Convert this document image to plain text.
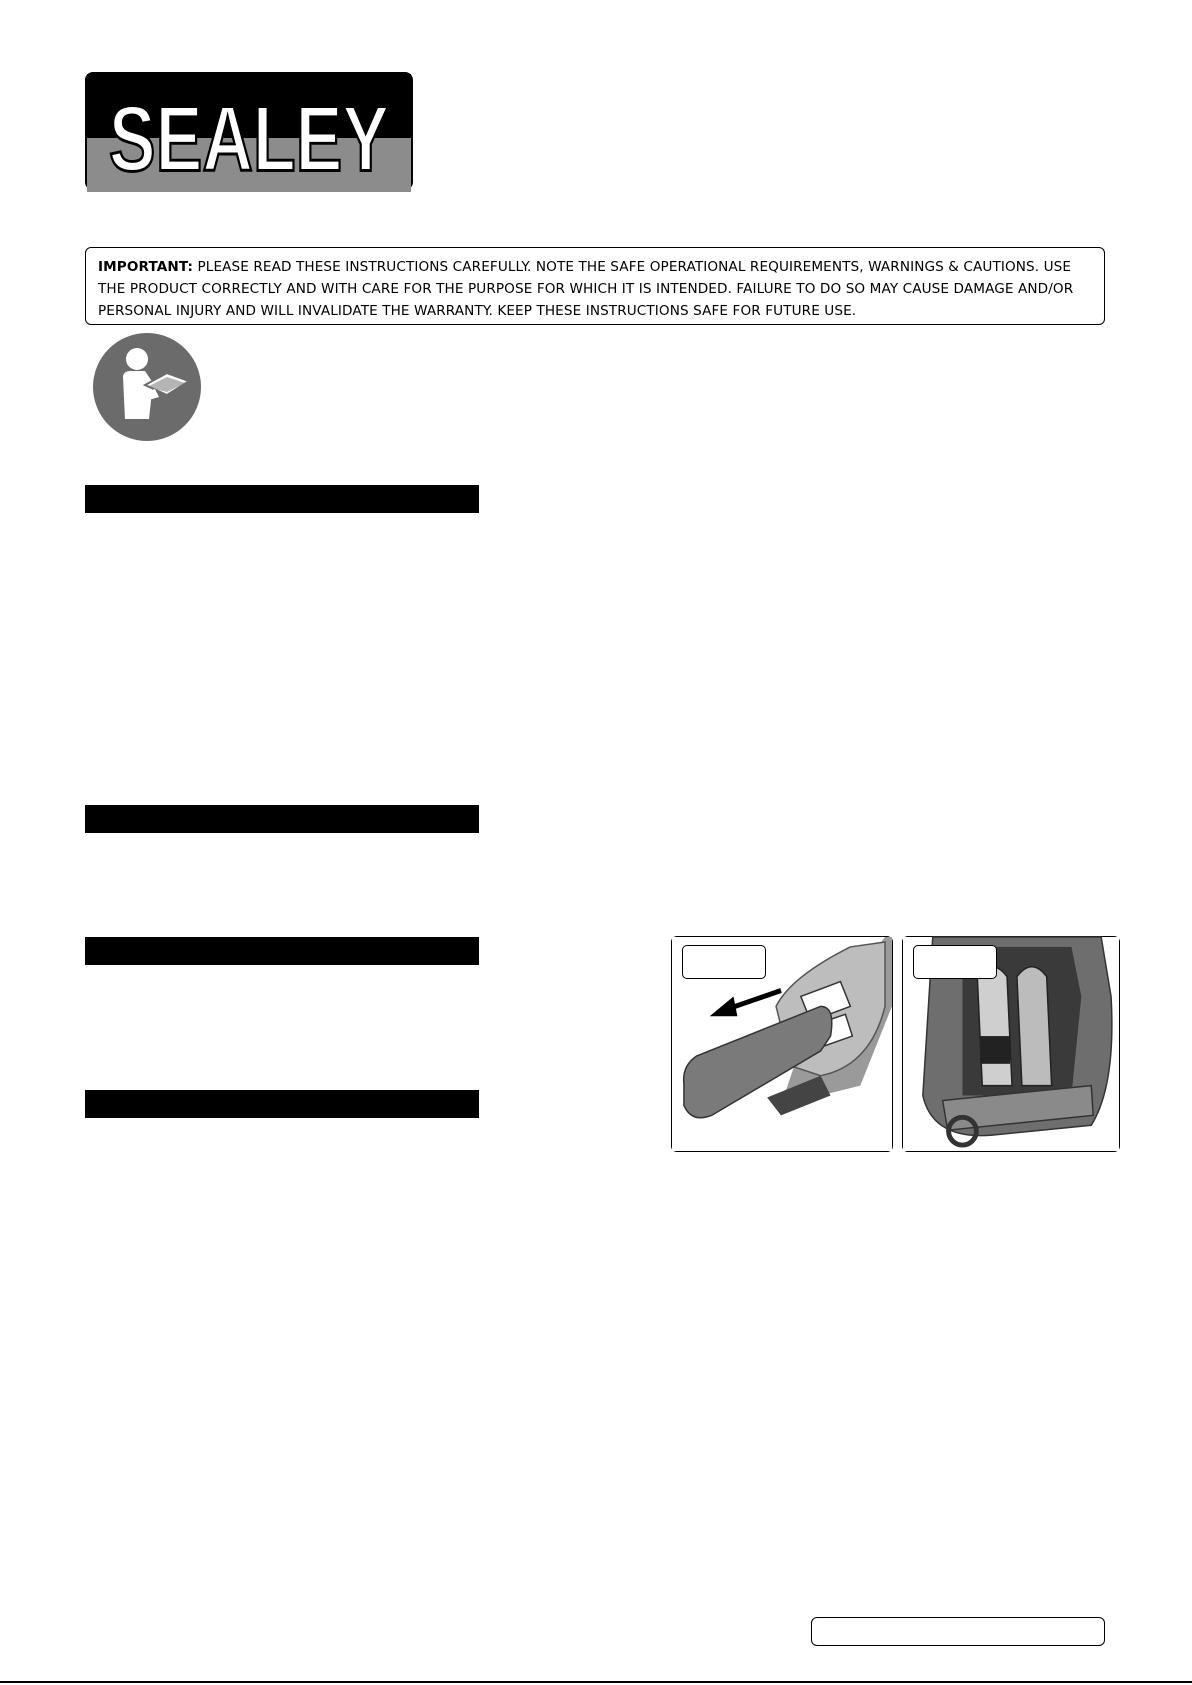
SEALEY
IMPORTANT: PLEASE READ THESE INSTRUCTIONS CAREFULLY. NOTE THE SAFE OPERATIONAL REQUIREMENTS, WARNINGS & CAUTIONS. USE THE PRODUCT CORRECTLY AND WITH CARE FOR THE PURPOSE FOR WHICH IT IS INTENDED. FAILURE TO DO SO MAY CAUSE DAMAGE AND/OR PERSONAL INJURY AND WILL INVALIDATE THE WARRANTY. KEEP THESE INSTRUCTIONS SAFE FOR FUTURE USE.
